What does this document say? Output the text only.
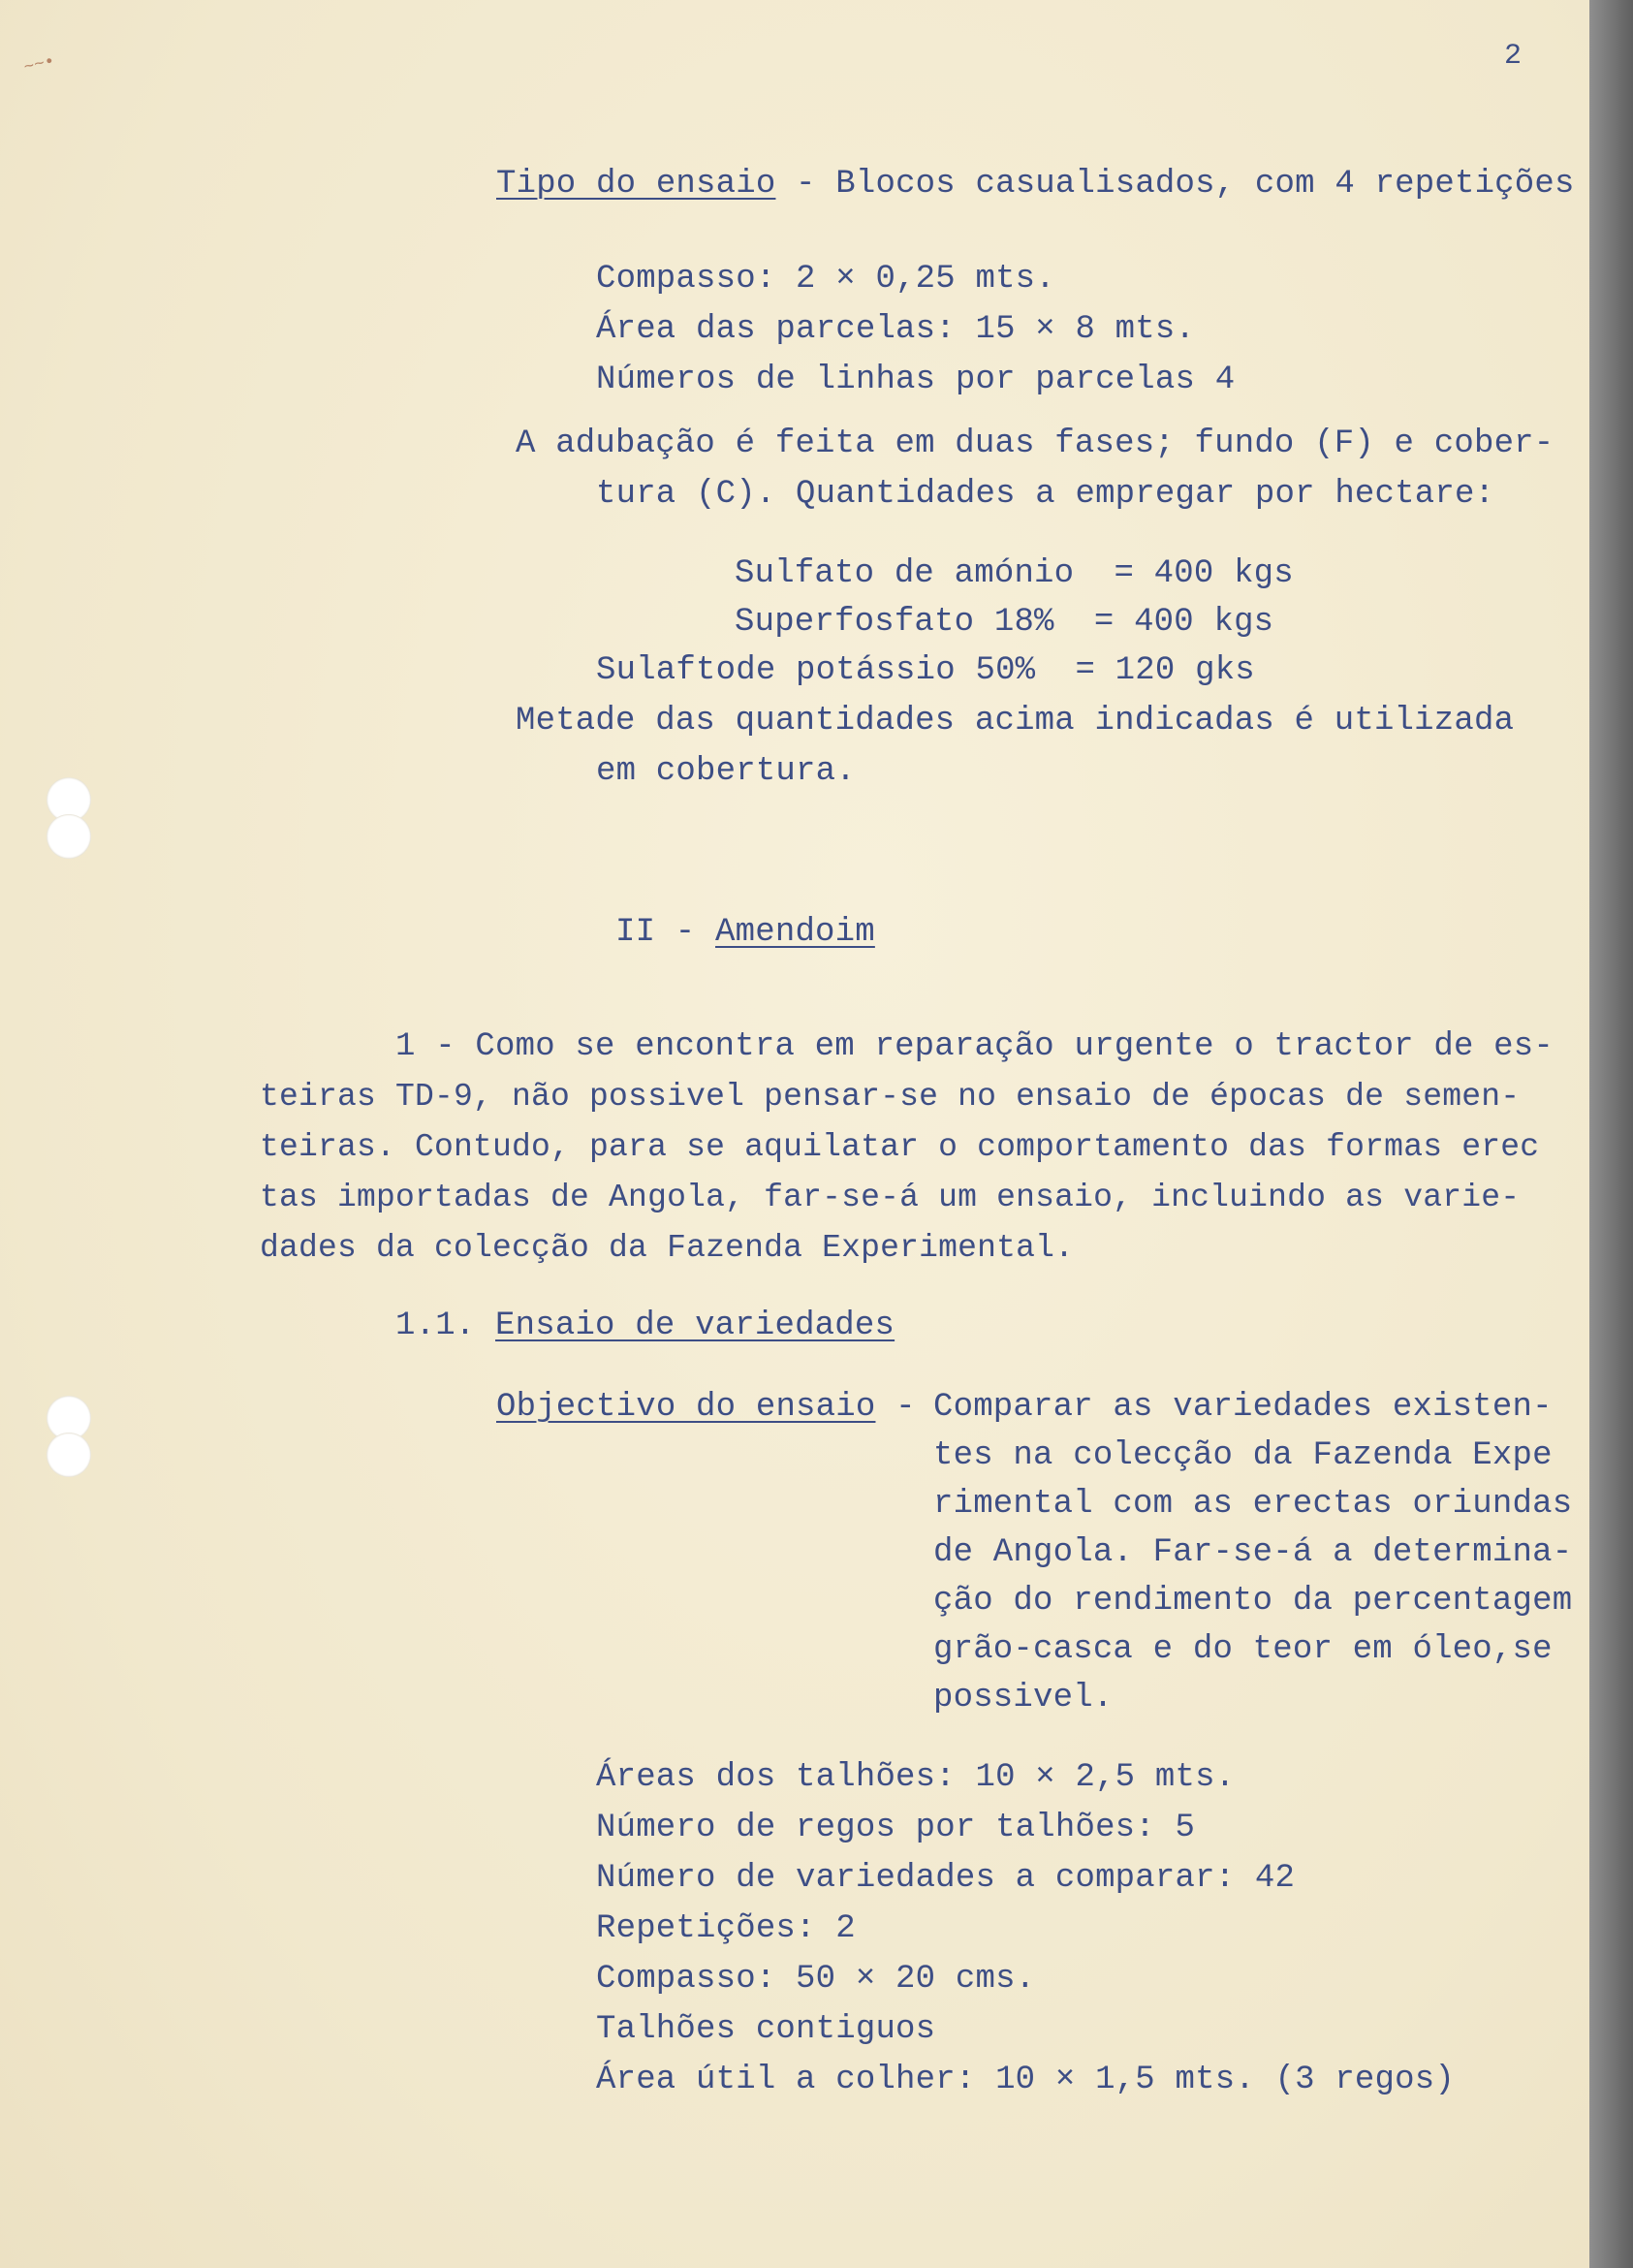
~~•	2
Tipo do ensaio - Blocos casualisados, com 4 repetições
Compasso: 2 × 0,25 mts.
Área das parcelas: 15 × 8 mts.
Números de linhas por parcelas 4
A adubação é feita em duas fases; fundo (F) e cober-
tura (C). Quantidades a empregar por hectare:
Sulfato de amónio  = 400 kgs
Superfosfato 18%  = 400 kgs
Sulaftode potássio 50%  = 120 gks
Metade das quantidades acima indicadas é utilizada
em cobertura.
II - Amendoim
1 - Como se encontra em reparação urgente o tractor de es-
teiras TD-9, não possivel pensar-se no ensaio de épocas de semen-
teiras. Contudo, para se aquilatar o comportamento das formas erec
tas importadas de Angola, far-se-á um ensaio, incluindo as varie-
dades da colecção da Fazenda Experimental.
1.1. Ensaio de variedades
Objectivo do ensaio -
Comparar as variedades existen-
tes na colecção da Fazenda Expe
rimental com as erectas oriundas
de Angola. Far-se-á a determina-
ção do rendimento da percentagem
grão-casca e do teor em óleo,se
possivel.
Áreas dos talhões: 10 × 2,5 mts.
Número de regos por talhões: 5
Número de variedades a comparar: 42
Repetições: 2
Compasso: 50 × 20 cms.
Talhões contiguos
Área útil a colher: 10 × 1,5 mts. (3 regos)
